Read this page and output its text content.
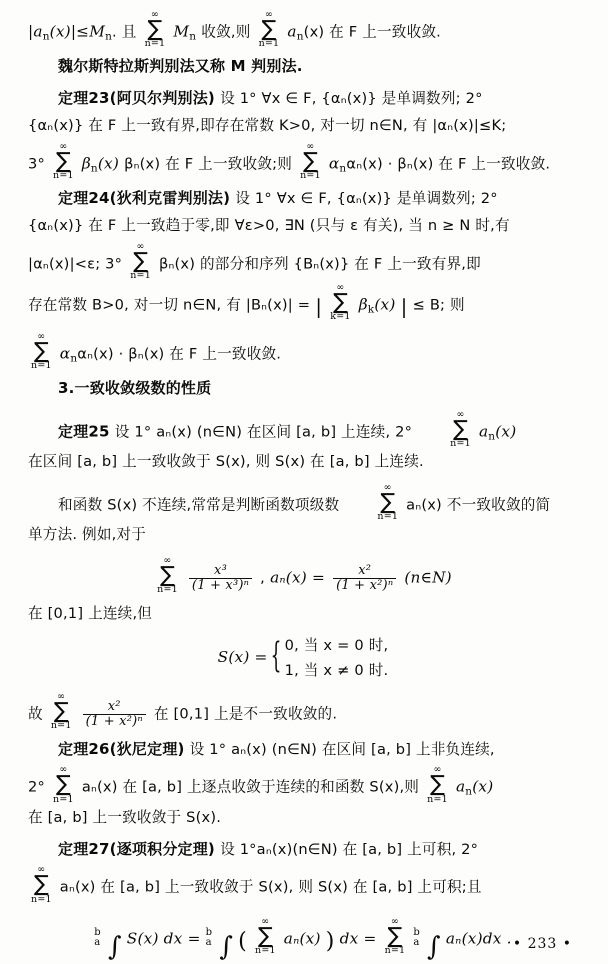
$|a_n(x)|\le M_n$. 且
∞
∑
n=1
$M_n$ 收敛,则
∞
∑
n=1
$a_n(x)$ 在 F 上一致收敛.
魏尔斯特拉斯判别法又称 M 判别法.
定理23(阿贝尔判别法) 设 1° ∀x ∈ F, {αₙ(x)} 是单调数列; 2°
{αₙ(x)} 在 F 上一致有界,即存在常数 K>0, 对一切 n∈N, 有 |αₙ(x)|≤K;
3°
∞
∑
n=1
$\beta_n(x)$ βₙ(x) 在 F 上一致收敛;则
∞
∑
n=1
$\alpha_n\alpha_n(x) \cdot \beta_n(x)$ 在 F 上一致收敛.
定理24(狄利克雷判别法) 设 1° ∀x ∈ F, {αₙ(x)} 是单调数列; 2°
{αₙ(x)} 在 F 上一致趋于零,即 ∀ε>0, ∃N (只与 ε 有关), 当 n ≥ N 时,有
|αₙ(x)|<ε; 3°
∞
∑
n=1
βₙ(x) 的部分和序列 {Bₙ(x)} 在 F 上一致有界,即
存在常数 B>0, 对一切 n∈N, 有 |Bₙ(x)| = |
∞
∑
k=1
$\beta_k(x)$ | ≤ B; 则
∞
∑
n=1
$\alpha_n\alpha_n(x) \cdot \beta_n(x)$ 在 F 上一致收敛.
3.一致收敛级数的性质
定理25 设 1° aₙ(x) (n∈N) 在区间 [a, b] 上连续, 2°
∞
∑
n=1
$a_n(x)$
在区间 [a, b] 上一致收敛于 S(x), 则 S(x) 在 [a, b] 上连续.
和函数 S(x) 不连续,常常是判断函数项级数
∞
∑
n=1
aₙ(x) 不一致收敛的简
单方法. 例如,对于
∞
∑
n=1
$\frac{\text{x³}}{\text{(1 + x³)ⁿ}}$ , $a_n(x) = \frac{\text{x²}}{\text{(1 + x²)ⁿ}}$ (n∈N)
在 [0,1] 上连续,但
S(x) =
{ 0, 当 x = 0 时,
1, 当 x ≠ 0 时.
故
∞
∑
n=1
$\frac{\text{x²}}{\text{(1 + x²)ⁿ}}$ 在 [0,1] 上是不一致收敛的.
定理26(狄尼定理) 设 1° aₙ(x) (n∈N) 在区间 [a, b] 上非负连续,
2°
∞
∑
n=1
aₙ(x) 在 [a, b] 上逐点收敛于连续的和函数 S(x),则
∞
∑
n=1
$a_n(x)$
在 [a, b] 上一致收敛于 S(x).
定理27(逐项积分定理) 设 1°aₙ(x)(n∈N) 在 [a, b] 上可积, 2°
∞
∑
n=1
aₙ(x) 在 [a, b] 上一致收敛于 S(x), 则 S(x) 在 [a, b] 上可积;且
b
a ∫ S(x) dx = b
a ∫ (
∞
∑
n=1
aₙ(x) ) dx =
∞
∑
n=1

b
a ∫ aₙ(x)dx . • 233 •
